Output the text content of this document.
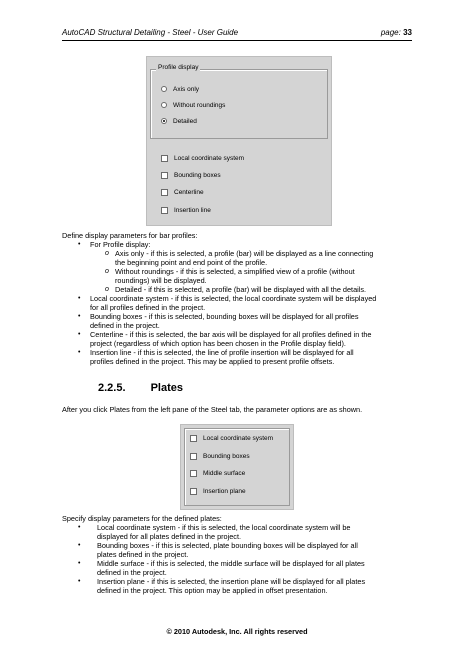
AutoCAD Structural Detailing - Steel - User Guide	page: 33
Profile display
Axis only
Without roundings
Detailed
Local coordinate system
Bounding boxes
Centerline
Insertion line
Define display parameters for bar profiles:
• For Profile display:
o Axis only - if this is selected, a profile (bar) will be displayed as a line connecting
the beginning point and end point of the profile.
o Without roundings - if this is selected, a simplified view of a profile (without
roundings) will be displayed.
o Detailed - if this is selected, a profile (bar) will be displayed with all the details.
• Local coordinate system - if this is selected, the local coordinate system will be displayed
for all profiles defined in the project.
• Bounding boxes - if this is selected, bounding boxes will be displayed for all profiles
defined in the project.
• Centerline - if this is selected, the bar axis will be displayed for all profiles defined in the
project (regardless of which option has been chosen in the Profile display field).
• Insertion line - if this is selected, the line of profile insertion will be displayed for all
profiles defined in the project. This may be applied to present profile offsets.
2.2.5. Plates
After you click Plates from the left pane of the Steel tab, the parameter options are as shown.
Local coordinate system
Bounding boxes
Middle surface
Insertion plane
Specify display parameters for the defined plates:
• Local coordinate system - if this is selected, the local coordinate system will be
displayed for all plates defined in the project.
• Bounding boxes - if this is selected, plate bounding boxes will be displayed for all
plates defined in the project.
• Middle surface - if this is selected, the middle surface will be displayed for all plates
defined in the project.
• Insertion plane - if this is selected, the insertion plane will be displayed for all plates
defined in the project. This option may be applied in offset presentation.
© 2010 Autodesk, Inc. All rights reserved
